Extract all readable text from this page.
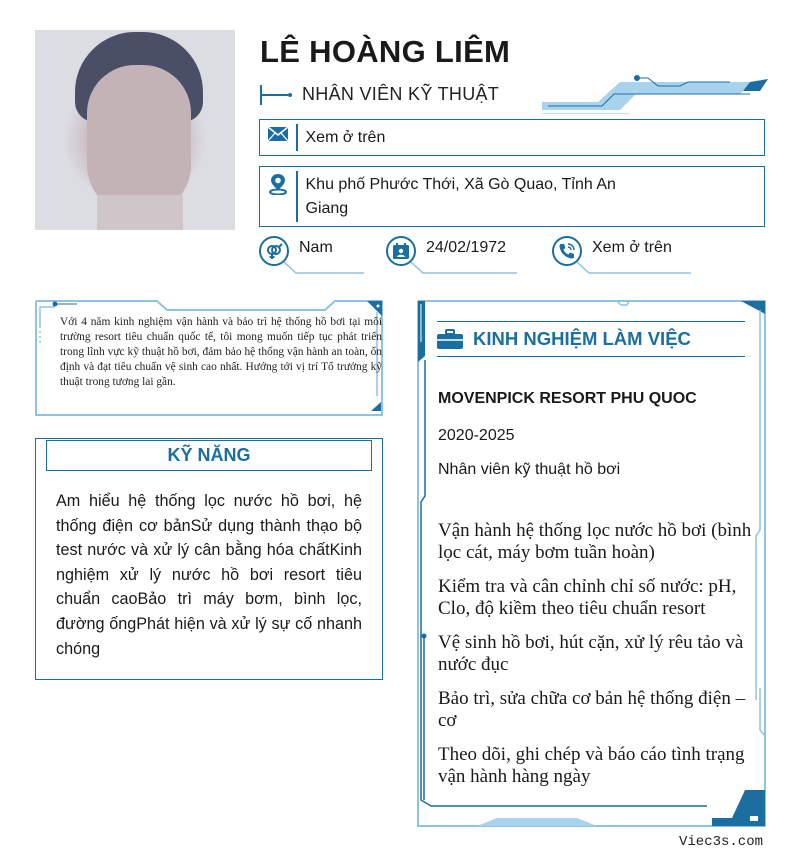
LÊ HOÀNG LIÊM
NHÂN VIÊN KỸ THUẬT
Xem ở trên
Khu phố Phước Thới, Xã Gò Quao, Tỉnh An Giang
Nam	24/02/1972	Xem ở trên
Với 4 năm kinh nghiệm vận hành và bảo trì hệ thống hồ bơi tại môi trường resort tiêu chuẩn quốc tế, tôi mong muốn tiếp tục phát triển trong lĩnh vực kỹ thuật hồ bơi, đảm bảo hệ thống vận hành an toàn, ổn định và đạt tiêu chuẩn vệ sinh cao nhất. Hướng tới vị trí Tổ trưởng kỹ thuật trong tương lai gần.
KỸ NĂNG
Am hiểu hệ thống lọc nước hồ bơi, hệ thống điện cơ bảnSử dụng thành thạo bộ test nước và xử lý cân bằng hóa chấtKinh nghiệm xử lý nước hồ bơi resort tiêu chuẩn caoBảo trì máy bơm, bình lọc, đường ốngPhát hiện và xử lý sự cố nhanh chóng
KINH NGHIỆM LÀM VIỆC
MOVENPICK RESORT PHU QUOC
2020-2025
Nhân viên kỹ thuật hồ bơi
Vận hành hệ thống lọc nước hồ bơi (bình lọc cát, máy bơm tuần hoàn)
Kiểm tra và cân chỉnh chỉ số nước: pH, Clo, độ kiềm theo tiêu chuẩn resort
Vệ sinh hồ bơi, hút cặn, xử lý rêu tảo và nước đục
Bảo trì, sửa chữa cơ bản hệ thống điện – cơ
Theo dõi, ghi chép và báo cáo tình trạng vận hành hàng ngày
Viec3s.com
